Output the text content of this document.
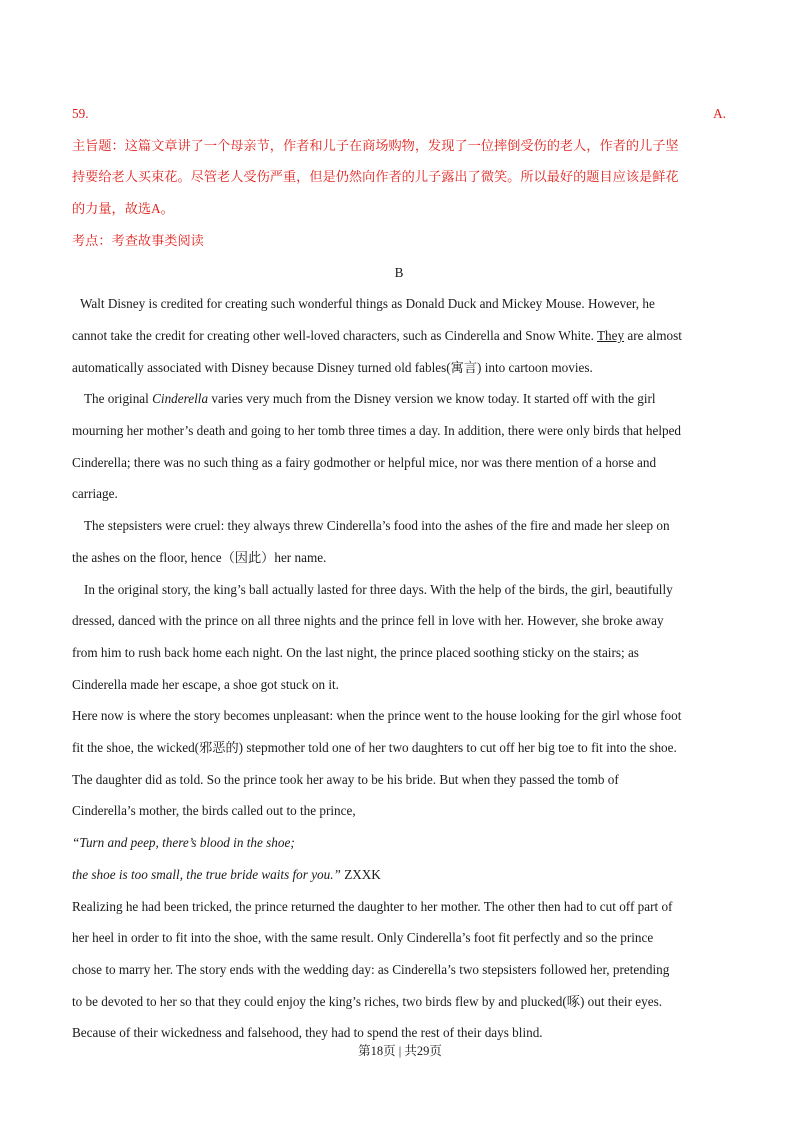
59.	A.
主旨题：这篇文章讲了一个母亲节，作者和儿子在商场购物，发现了一位摔倒受伤的老人，作者的儿子坚
持要给老人买束花。尽管老人受伤严重，但是仍然向作者的儿子露出了微笑。所以最好的题目应该是鲜花
的力量，故选A。
考点：考查故事类阅读
B
Walt Disney is credited for creating such wonderful things as Donald Duck and Mickey Mouse. However, he
cannot take the credit for creating other well-loved characters, such as Cinderella and Snow White. They are almost
automatically associated with Disney because Disney turned old fables(寓言) into cartoon movies.
The original Cinderella varies very much from the Disney version we know today. It started off with the girl
mourning her mother’s death and going to her tomb three times a day. In addition, there were only birds that helped
Cinderella; there was no such thing as a fairy godmother or helpful mice, nor was there mention of a horse and
carriage.
The stepsisters were cruel: they always threw Cinderella’s food into the ashes of the fire and made her sleep on
the ashes on the floor, hence（因此）her name.
In the original story, the king’s ball actually lasted for three days. With the help of the birds, the girl, beautifully
dressed, danced with the prince on all three nights and the prince fell in love with her. However, she broke away
from him to rush back home each night. On the last night, the prince placed soothing sticky on the stairs; as
Cinderella made her escape, a shoe got stuck on it.
Here now is where the story becomes unpleasant: when the prince went to the house looking for the girl whose foot
fit the shoe, the wicked(邪恶的) stepmother told one of her two daughters to cut off her big toe to fit into the shoe.
The daughter did as told. So the prince took her away to be his bride. But when they passed the tomb of
Cinderella’s mother, the birds called out to the prince,
“Turn and peep, there’s blood in the shoe;
the shoe is too small, the true bride waits for you.” ZXXK
Realizing he had been tricked, the prince returned the daughter to her mother. The other then had to cut off part of
her heel in order to fit into the shoe, with the same result. Only Cinderella’s foot fit perfectly and so the prince
chose to marry her. The story ends with the wedding day: as Cinderella’s two stepsisters followed her, pretending
to be devoted to her so that they could enjoy the king’s riches, two birds flew by and plucked(啄) out their eyes.
Because of their wickedness and falsehood, they had to spend the rest of their days blind.
第18页 | 共29页
